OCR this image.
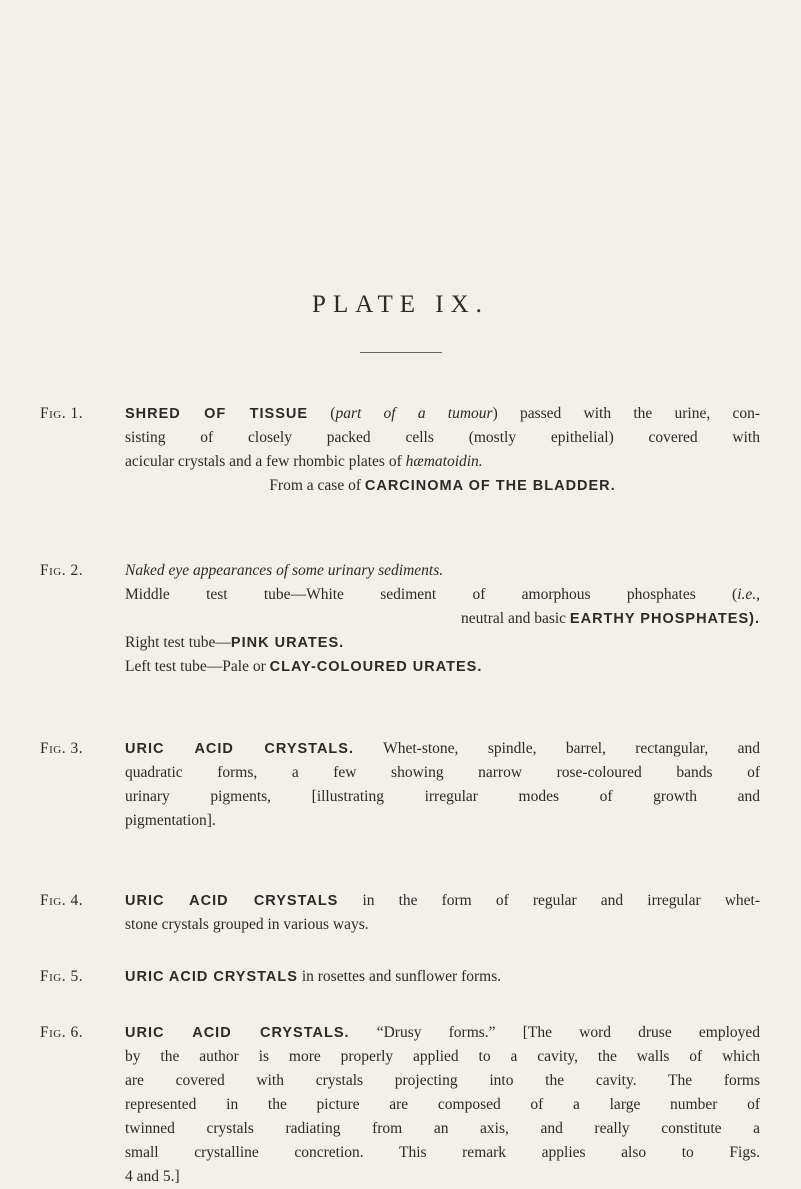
PLATE IX.
Fig. 1.	SHRED OF TISSUE (part of a tumour) passed with the urine, con-
sisting of closely packed cells (mostly epithelial) covered with
acicular crystals and a few rhombic plates of hæmatoidin.
From a case of CARCINOMA OF THE BLADDER.
Fig. 2.	Naked eye appearances of some urinary sediments.
Middle test tube—White sediment of amorphous phosphates (i.e.,
neutral and basic EARTHY PHOSPHATES).
Right test tube—PINK URATES.
Left test tube—Pale or CLAY-COLOURED URATES.
Fig. 3.	URIC ACID CRYSTALS. Whet-stone, spindle, barrel, rectangular, and
quadratic forms, a few showing narrow rose-coloured bands of
urinary pigments, [illustrating irregular modes of growth and
pigmentation].
Fig. 4.	URIC ACID CRYSTALS in the form of regular and irregular whet-
stone crystals grouped in various ways.
Fig. 5.	URIC ACID CRYSTALS in rosettes and sunflower forms.
Fig. 6.	URIC ACID CRYSTALS. “Drusy forms.” [The word druse employed
by the author is more properly applied to a cavity, the walls of which
are covered with crystals projecting into the cavity. The forms
represented in the picture are composed of a large number of
twinned crystals radiating from an axis, and really constitute a
small crystalline concretion. This remark applies also to Figs.
4 and 5.]
